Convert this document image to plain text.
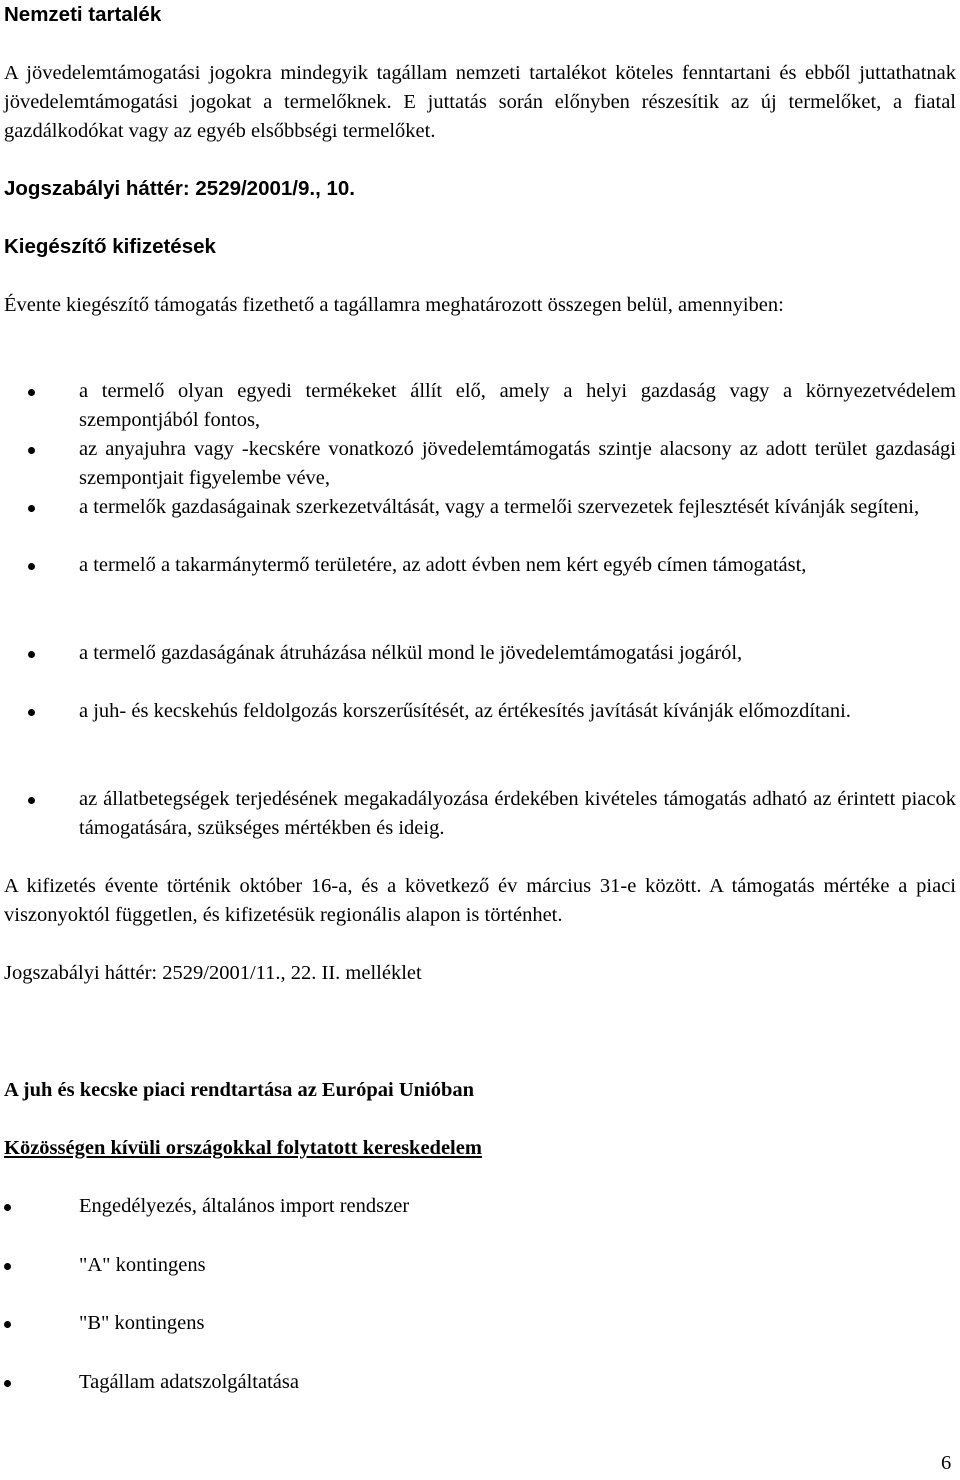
Nemzeti tartalék
A jövedelemtámogatási jogokra mindegyik tagállam nemzeti tartalékot köteles fenntartani és ebből juttathatnak jövedelemtámogatási jogokat a termelőknek. E juttatás során előnyben részesítik az új termelőket, a fiatal gazdálkodókat vagy az egyéb elsőbbségi termelőket.
Jogszabályi háttér: 2529/2001/9., 10.
Kiegészítő kifizetések
Évente kiegészítő támogatás fizethető a tagállamra meghatározott összegen belül, amennyiben:
a termelő olyan egyedi termékeket állít elő, amely a helyi gazdaság vagy a környezetvédelem szempontjából fontos,
az anyajuhra vagy -kecskére vonatkozó jövedelemtámogatás szintje alacsony az adott terület gazdasági szempontjait figyelembe véve,
a termelők gazdaságainak szerkezetváltását, vagy a termelői szervezetek fejlesztését kívánják segíteni,
a termelő a takarmánytermő területére, az adott évben nem kért egyéb címen támogatást,
a termelő gazdaságának átruházása nélkül mond le jövedelemtámogatási jogáról,
a juh- és kecskehús feldolgozás korszerűsítését, az értékesítés javítását kívánják előmozdítani.
az állatbetegségek terjedésének megakadályozása érdekében kivételes támogatás adható az érintett piacok támogatására, szükséges mértékben és ideig.
A kifizetés évente történik október 16-a, és a következő év március 31-e között. A támogatás mértéke a piaci viszonyoktól független, és kifizetésük regionális alapon is történhet.
Jogszabályi háttér: 2529/2001/11., 22. II. melléklet
A juh és kecske piaci rendtartása az Európai Unióban
Közösségen kívüli országokkal folytatott kereskedelem
Engedélyezés, általános import rendszer
"A" kontingens
"B" kontingens
Tagállam adatszolgáltatása
6
